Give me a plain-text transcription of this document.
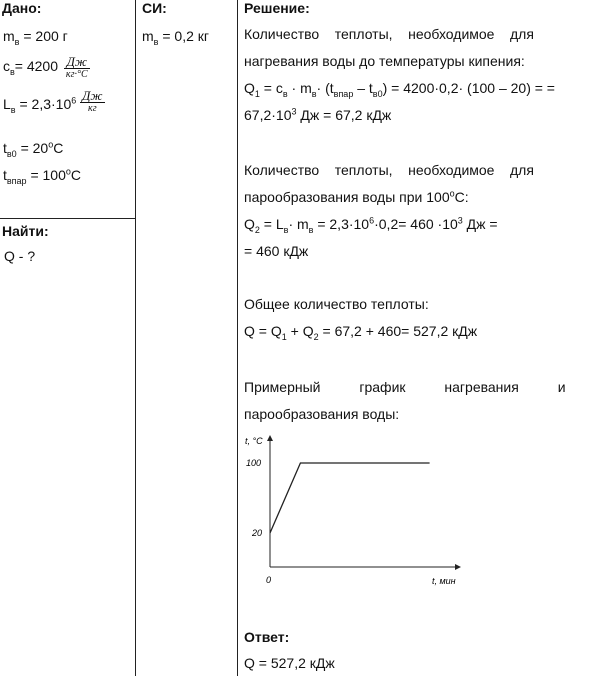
Дано:
$m_в = 200$ г
$c_в= 4200 \frac{Дж}{кг\cdot^\circ С}$
$L_в = 2,3\cdot 10^6 \frac{Дж}{кг}$
$t_{в0} = 20^oC$
$t_{впар} = 100^oC$
Найти:
Q - ?
СИ:
$m_в = 0,2$ кг
Решение:
Количество    теплоты,    необходимое    для
нагревания воды до температуры кипения:
$Q_1 = c_в \cdot m_в\cdot (t_{впар} - t_{в0}) = 4200\cdot 0,2\cdot (100 - 20)$ = =
$67,2\cdot 10^3$ Дж = 67,2 кДж
Количество    теплоты,    необходимое    для
парообразования воды при 100$^o$С:
$Q_2 = L_в\cdot m_в = 2,3\cdot 10^6\cdot 0,2= 460 \cdot 10^3$ Дж =
= 460 кДж
Общее количество теплоты:
$Q = Q_1 + Q_2 = 67,2 + 460= 527,2$ кДж
Примерный          график          нагревания          и
парообразования воды:
t, °C
t, мин
100
20
0
Ответ:
Q = 527,2 кДж
